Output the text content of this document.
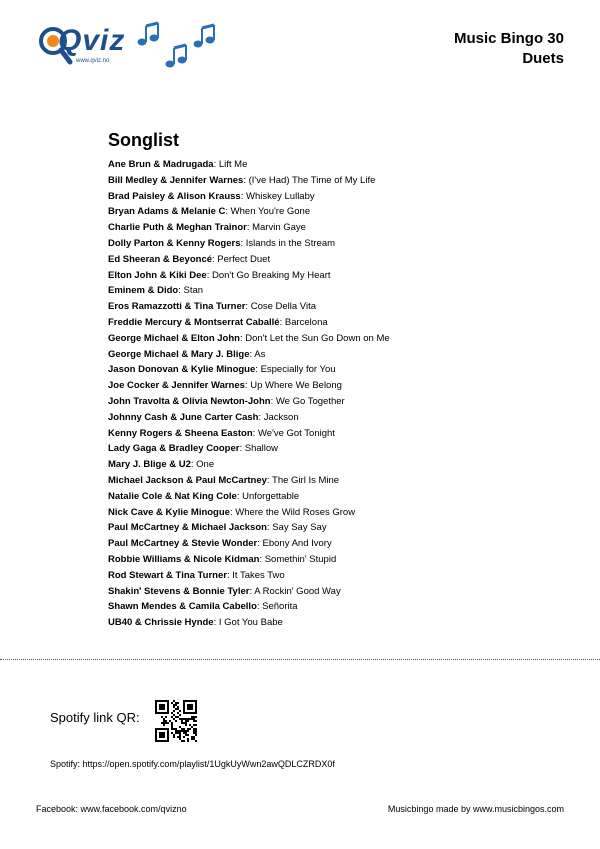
Qviz
www.qviz.no
Music Bingo 30
Duets
Songlist
Ane Brun & Madrugada: Lift Me
Bill Medley & Jennifer Warnes: (I've Had) The Time of My Life
Brad Paisley & Alison Krauss: Whiskey Lullaby
Bryan Adams & Melanie C: When You're Gone
Charlie Puth & Meghan Trainor: Marvin Gaye
Dolly Parton & Kenny Rogers: Islands in the Stream
Ed Sheeran & Beyoncé: Perfect Duet
Elton John & Kiki Dee: Don't Go Breaking My Heart
Eminem & Dido: Stan
Eros Ramazzotti & Tina Turner: Cose Della Vita
Freddie Mercury & Montserrat Caballé: Barcelona
George Michael & Elton John: Don't Let the Sun Go Down on Me
George Michael & Mary J. Blige: As
Jason Donovan & Kylie Minogue: Especially for You
Joe Cocker & Jennifer Warnes: Up Where We Belong
John Travolta & Olivia Newton-John: We Go Together
Johnny Cash & June Carter Cash: Jackson
Kenny Rogers & Sheena Easton: We've Got Tonight
Lady Gaga & Bradley Cooper: Shallow
Mary J. Blige & U2: One
Michael Jackson & Paul McCartney: The Girl Is Mine
Natalie Cole & Nat King Cole: Unforgettable
Nick Cave & Kylie Minogue: Where the Wild Roses Grow
Paul McCartney & Michael Jackson: Say Say Say
Paul McCartney & Stevie Wonder: Ebony And Ivory
Robbie Williams & Nicole Kidman: Somethin' Stupid
Rod Stewart & Tina Turner: It Takes Two
Shakin' Stevens & Bonnie Tyler: A Rockin' Good Way
Shawn Mendes & Camila Cabello: Señorita
UB40 & Chrissie Hynde: I Got You Babe
Spotify link QR:
Spotify: https://open.spotify.com/playlist/1UgkUyWwn2awQDLCZRDX0f
Facebook: www.facebook.com/qvizno	Musicbingo made by www.musicbingos.com
